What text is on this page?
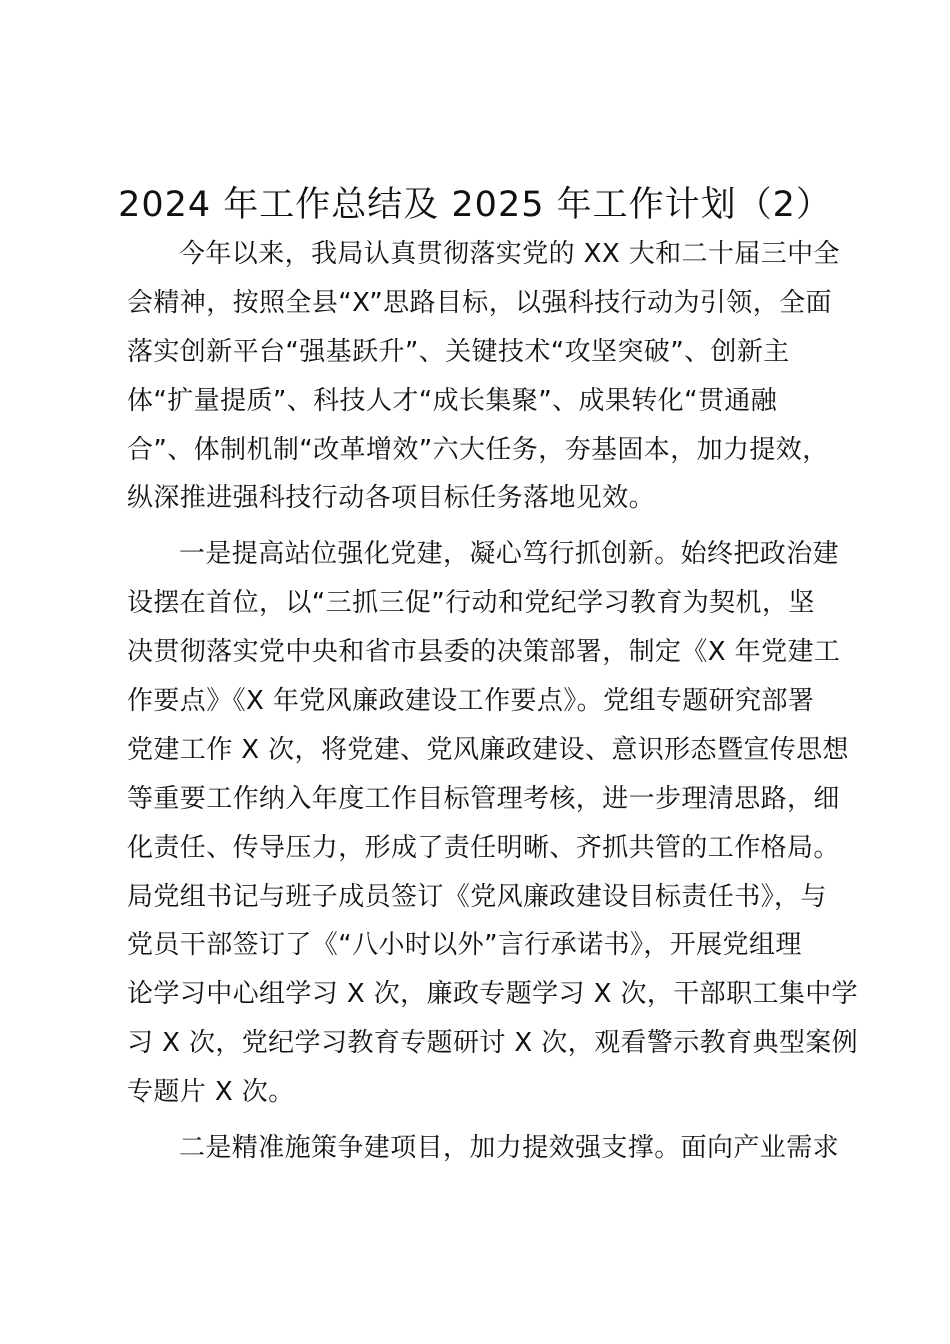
2024 年工作总结及 2025 年工作计划（2）
今年以来，我局认真贯彻落实党的 XX 大和二十届三中全
会精神，按照全县“X”思路目标，以强科技行动为引领，全面
落实创新平台“强基跃升”、关键技术“攻坚突破”、创新主
体“扩量提质”、科技人才“成长集聚”、成果转化“贯通融
合”、体制机制“改革增效”六大任务，夯基固本，加力提效，
纵深推进强科技行动各项目标任务落地见效。
一是提高站位强化党建，凝心笃行抓创新。始终把政治建
设摆在首位，以“三抓三促”行动和党纪学习教育为契机，坚
决贯彻落实党中央和省市县委的决策部署，制定《X 年党建工
作要点》《X 年党风廉政建设工作要点》。党组专题研究部署
党建工作 X 次，将党建、党风廉政建设、意识形态暨宣传思想
等重要工作纳入年度工作目标管理考核，进一步理清思路，细
化责任、传导压力，形成了责任明晰、齐抓共管的工作格局。
局党组书记与班子成员签订《党风廉政建设目标责任书》，与
党员干部签订了《“八小时以外”言行承诺书》，开展党组理
论学习中心组学习 X 次，廉政专题学习 X 次，干部职工集中学
习 X 次，党纪学习教育专题研讨 X 次，观看警示教育典型案例
专题片 X 次。
二是精准施策争建项目，加力提效强支撑。面向产业需求
